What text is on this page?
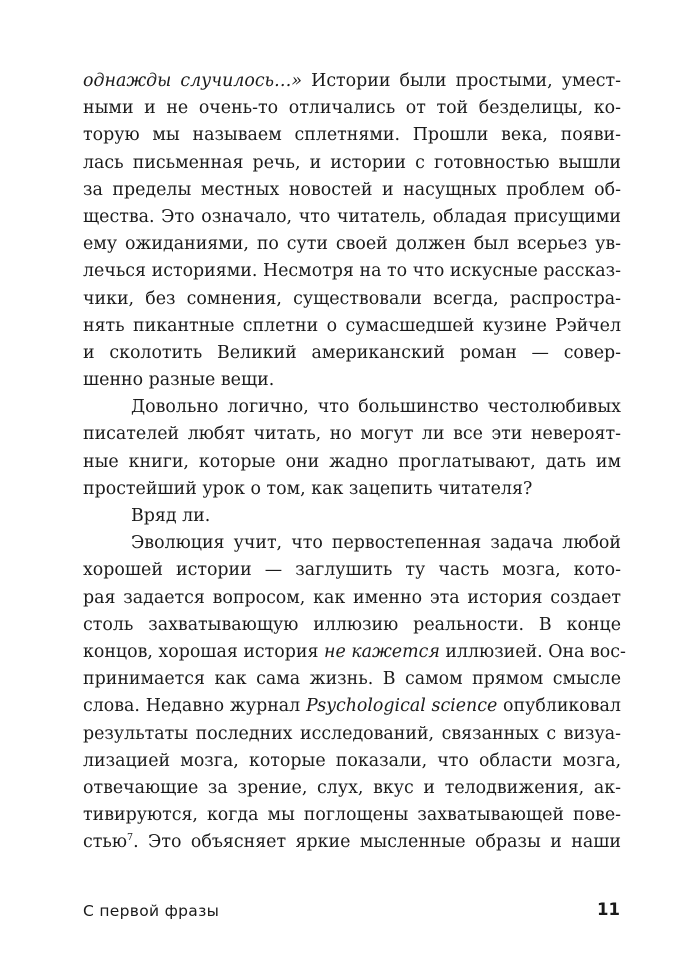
однажды случилось…» Истории были простыми, умест-
ными и не очень-то отличались от той безделицы, ко-
торую мы называем сплетнями. Прошли века, появи-
лась письменная речь, и истории с готовностью вышли
за пределы местных новостей и насущных проблем об-
щества. Это означало, что читатель, обладая присущими
ему ожиданиями, по сути своей должен был всерьез ув-
лечься историями. Несмотря на то что искусные рассказ-
чики, без сомнения, существовали всегда, распростра-
нять пикантные сплетни о сумасшедшей кузине Рэйчел
и сколотить Великий американский роман — совер-
шенно разные вещи.
Довольно логично, что большинство честолюбивых
писателей любят читать, но могут ли все эти невероят-
ные книги, которые они жадно проглатывают, дать им
простейший урок о том, как зацепить читателя?
Вряд ли.
Эволюция учит, что первостепенная задача любой
хорошей истории — заглушить ту часть мозга, кото-
рая задается вопросом, как именно эта история создает
столь захватывающую иллюзию реальности. В конце
концов, хорошая история не кажется иллюзией. Она вос-
принимается как сама жизнь. В самом прямом смысле
слова. Недавно журнал Psychological science опубликовал
результаты последних исследований, связанных с визуа-
лизацией мозга, которые показали, что области мозга,
отвечающие за зрение, слух, вкус и телодвижения, ак-
тивируются, когда мы поглощены захватывающей пове-
стью$^7$. Это объясняет яркие мысленные образы и наши
С первой фразы	11
